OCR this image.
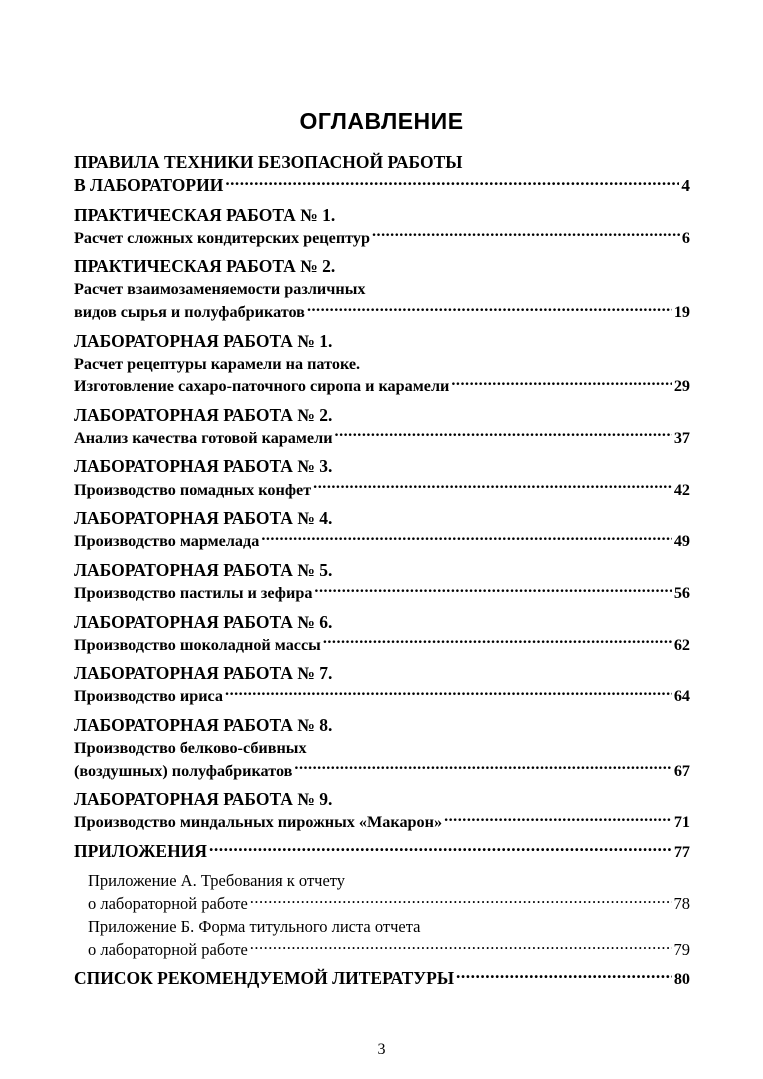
ОГЛАВЛЕНИЕ
ПРАВИЛА ТЕХНИКИ БЕЗОПАСНОЙ РАБОТЫ
В ЛАБОРАТОРИИ .....	4
ПРАКТИЧЕСКАЯ РАБОТА № 1.
Расчет сложных кондитерских рецептур .....	6
ПРАКТИЧЕСКАЯ РАБОТА № 2.
Расчет взаимозаменяемости различных
видов сырья и полуфабрикатов .....	19
ЛАБОРАТОРНАЯ РАБОТА № 1.
Расчет рецептуры карамели на патоке.
Изготовление сахаро-паточного сиропа и карамели .....	29
ЛАБОРАТОРНАЯ РАБОТА № 2.
Анализ качества готовой карамели .....	37
ЛАБОРАТОРНАЯ РАБОТА № 3.
Производство помадных конфет .....	42
ЛАБОРАТОРНАЯ РАБОТА № 4.
Производство мармелада .....	49
ЛАБОРАТОРНАЯ РАБОТА № 5.
Производство пастилы и зефира .....	56
ЛАБОРАТОРНАЯ РАБОТА № 6.
Производство шоколадной массы .....	62
ЛАБОРАТОРНАЯ РАБОТА № 7.
Производство ириса .....	64
ЛАБОРАТОРНАЯ РАБОТА № 8.
Производство белково-сбивных
(воздушных) полуфабрикатов .....	67
ЛАБОРАТОРНАЯ РАБОТА № 9.
Производство миндальных пирожных «Макарон» .....	71
ПРИЛОЖЕНИЯ .....	77
Приложение А. Требования к отчету
о лабораторной работе .....	78
Приложение Б. Форма титульного листа отчета
о лабораторной работе .....	79
СПИСОК РЕКОМЕНДУЕМОЙ ЛИТЕРАТУРЫ .....	80
3
